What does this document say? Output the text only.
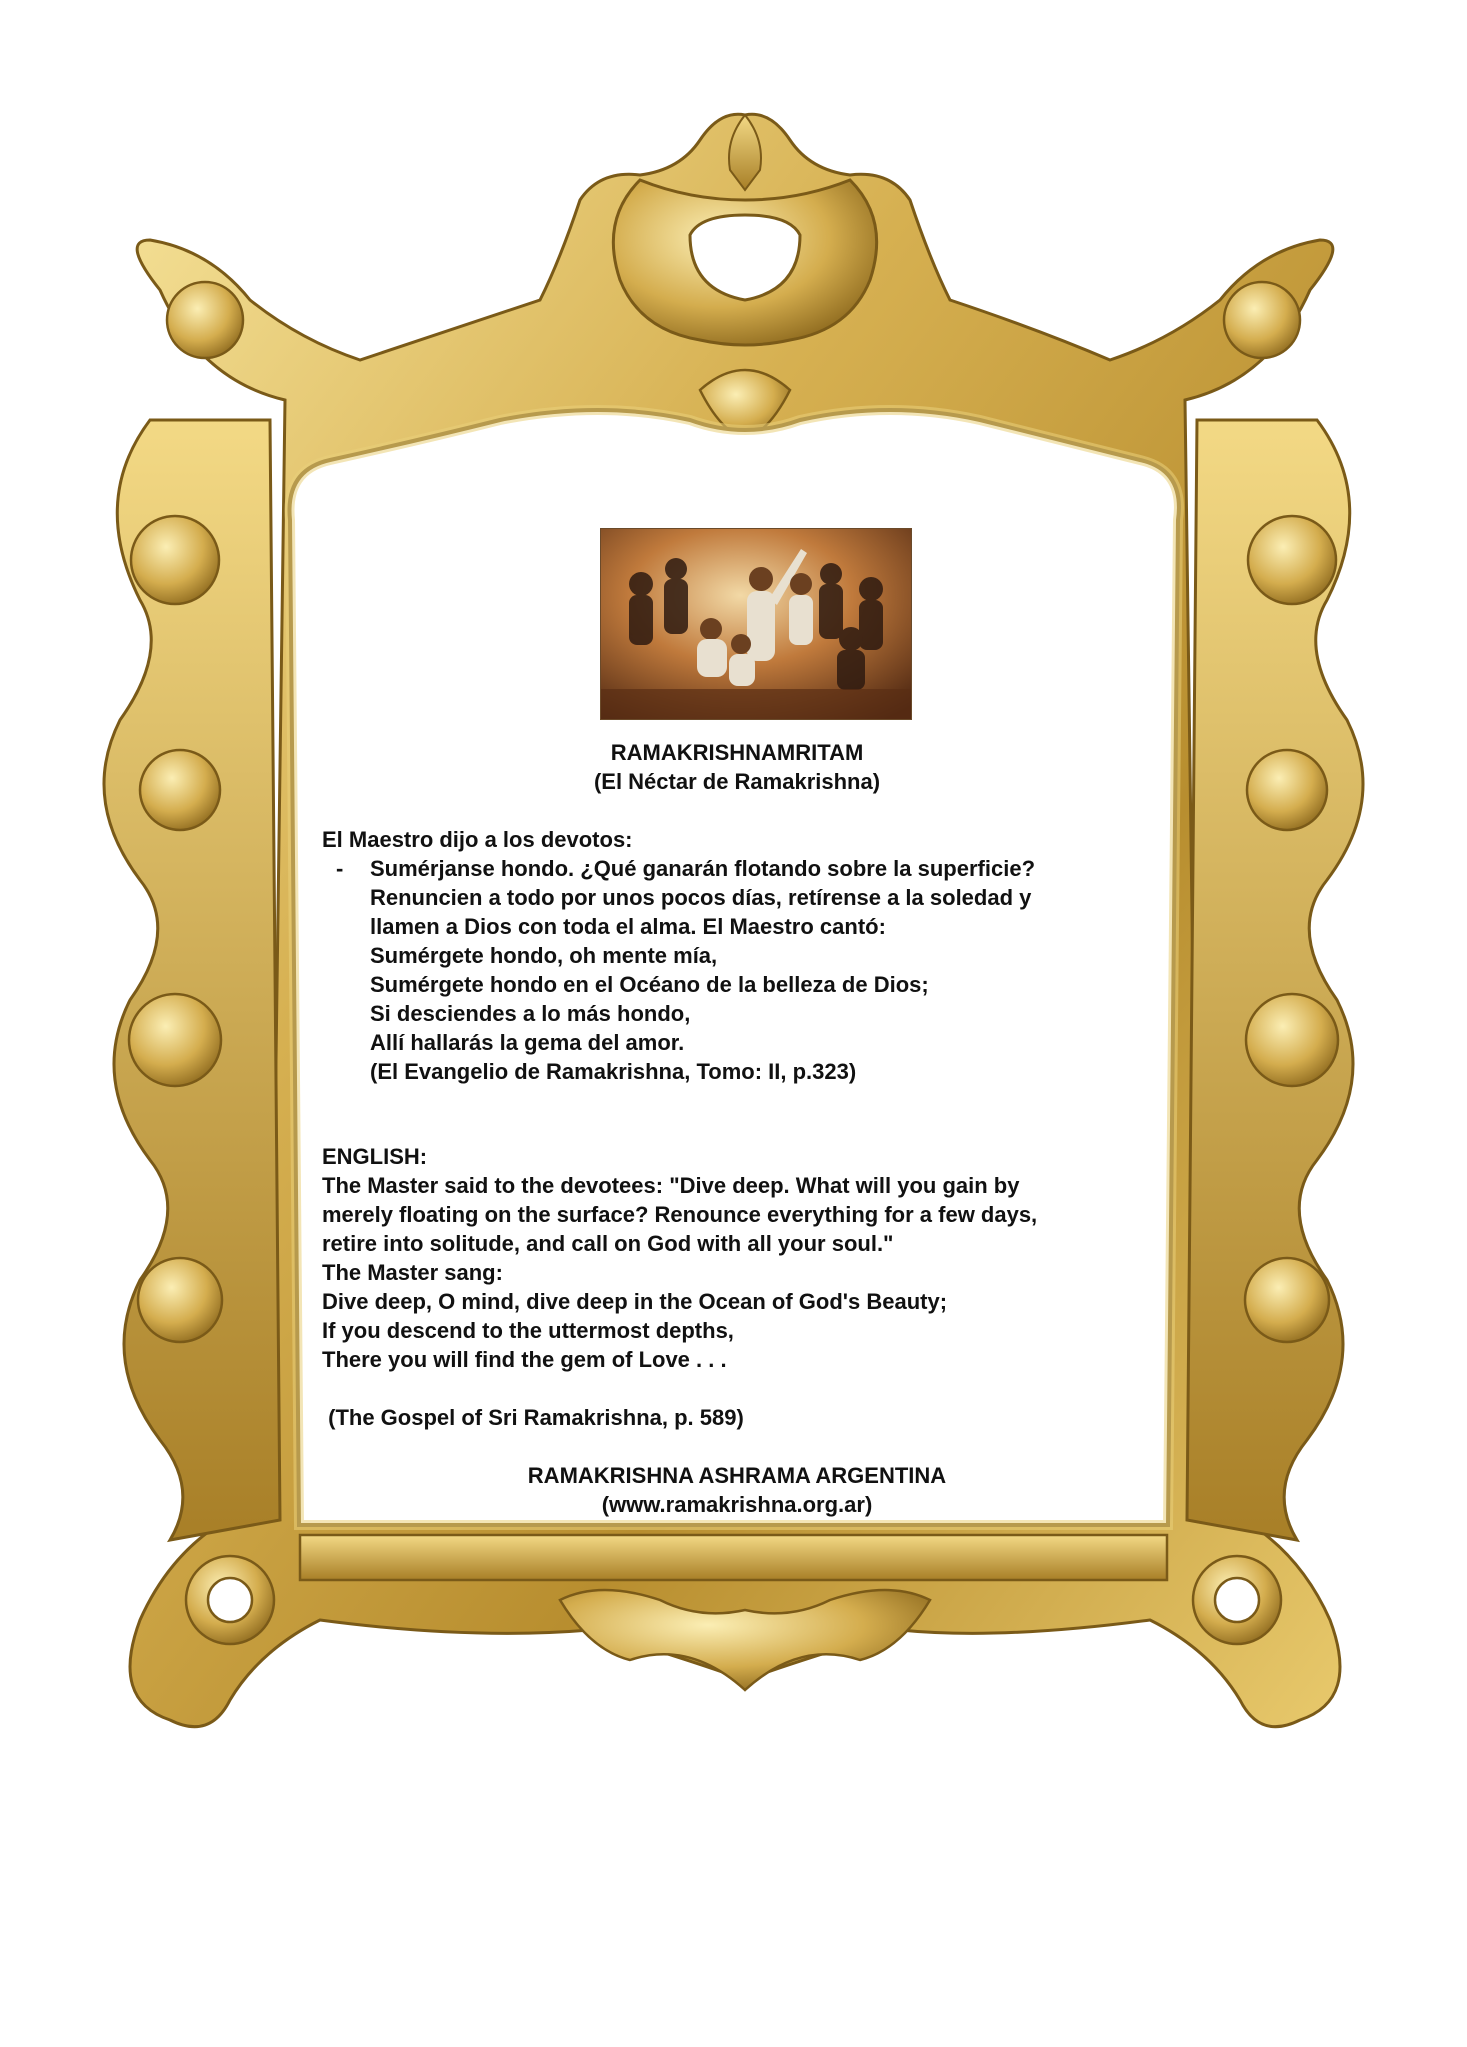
RAMAKRISHNAMRITAM
(El Néctar de Ramakrishna)
El Maestro dijo a los devotos:
- Sumérjanse hondo. ¿Qué ganarán flotando sobre la superficie?
Renuncien a todo por unos pocos días, retírense a la soledad y
llamen a Dios con toda el alma. El Maestro cantó:
Sumérgete hondo, oh mente mía,
Sumérgete hondo en el Océano de la belleza de Dios;
Si desciendes a lo más hondo,
Allí hallarás la gema del amor.
(El Evangelio de Ramakrishna, Tomo: II, p.323)
ENGLISH:
The Master said to the devotees: "Dive deep. What will you gain by
merely floating on the surface? Renounce everything for a few days,
retire into solitude, and call on God with all your soul."
The Master sang:
Dive deep, O mind, dive deep in the Ocean of God's Beauty;
If you descend to the uttermost depths,
There you will find the gem of Love . . .
(The Gospel of Sri Ramakrishna, p. 589)
RAMAKRISHNA ASHRAMA ARGENTINA
(www.ramakrishna.org.ar)
